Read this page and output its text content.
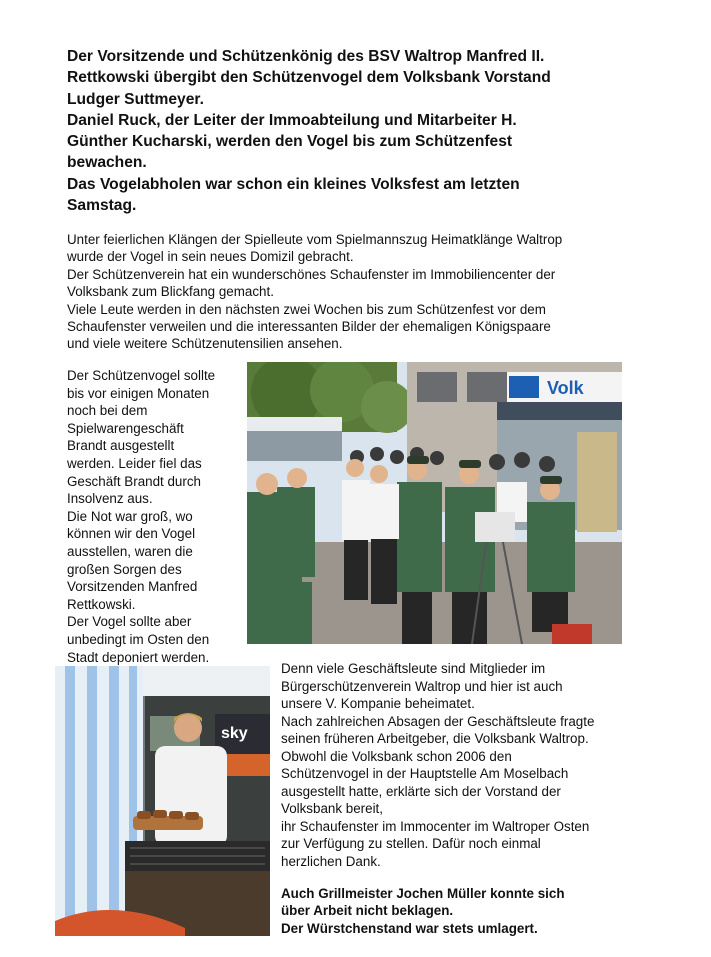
Der Vorsitzende und Schützenkönig des BSV Waltrop Manfred II.
Rettkowski übergibt den Schützenvogel dem Volksbank Vorstand
Ludger Suttmeyer.
Daniel Ruck, der Leiter der Immoabteilung und Mitarbeiter H.
Günther Kucharski, werden den Vogel bis zum Schützenfest
bewachen.
Das Vogelabholen war schon ein kleines Volksfest am letzten
Samstag.
Unter feierlichen Klängen der Spielleute vom Spielmannszug Heimatklänge Waltrop
wurde der Vogel in sein neues Domizil gebracht.
Der Schützenverein hat ein wunderschönes Schaufenster im Immobiliencenter der
Volksbank zum Blickfang gemacht.
Viele Leute werden in den nächsten zwei Wochen bis zum Schützenfest vor dem
Schaufenster verweilen und die interessanten Bilder der ehemaligen Königspaare
und viele weitere Schützenutensilien ansehen.
Der Schützenvogel sollte
bis vor einigen Monaten
noch bei dem
Spielwarengeschäft
Brandt ausgestellt
werden. Leider fiel das
Geschäft Brandt durch
Insolvenz aus.
Die Not war groß, wo
können wir den Vogel
ausstellen, waren die
großen Sorgen des
Vorsitzenden Manfred
Rettkowski.
Der Vogel sollte aber
unbedingt im Osten den
Stadt deponiert werden.
Volk
sky
Denn viele Geschäftsleute sind Mitglieder im
Bürgerschützenverein Waltrop und hier ist auch
unsere V. Kompanie beheimatet.
Nach zahlreichen Absagen der Geschäftsleute fragte
seinen früheren Arbeitgeber, die Volksbank Waltrop.
Obwohl die Volksbank schon 2006 den
Schützenvogel in der Hauptstelle Am Moselbach
ausgestellt hatte, erklärte sich der Vorstand der
Volksbank bereit,
ihr Schaufenster im Immocenter im Waltroper Osten
zur Verfügung zu stellen. Dafür noch einmal
herzlichen Dank.
Auch Grillmeister Jochen Müller konnte sich
über Arbeit nicht beklagen.
Der Würstchenstand war stets umlagert.
